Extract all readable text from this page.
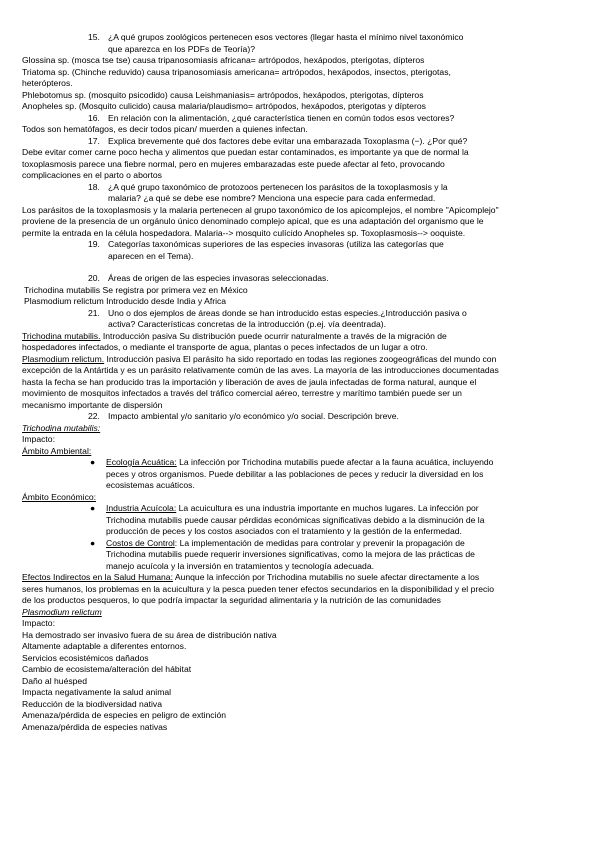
15. ¿A qué grupos zoológicos pertenecen esos vectores (llegar hasta el mínimo nivel taxonómico

que aparezca en los PDFs de Teoría)?

Glossina sp. (mosca tse tse) causa tripanosomiasis africana= artrópodos, hexápodos, pterigotas, dípteros

Triatoma sp. (Chinche reduvido) causa tripanosomiasis americana= artrópodos, hexápodos, insectos, pterigotas,

heterópteros.

Phlebotomus sp. (mosquito psicodido) causa Leishmaniasis= artrópodos, hexápodos, pterigotas, dípteros

Anopheles sp. (Mosquito culicido) causa malaria/plaudismo= artrópodos, hexápodos, pterigotas y dípteros

16. En relación con la alimentación, ¿qué característica tienen en común todos esos vectores?

Todos son hematófagos, es decir todos pican/ muerden a quienes infectan.

17. Explica brevemente qué dos factores debe evitar una embarazada Toxoplasma (−). ¿Por qué?

Debe evitar comer carne poco hecha y alimentos que puedan estar contaminados, es importante ya que de normal la

toxoplasmosis parece una fiebre normal, pero en mujeres embarazadas este puede afectar al feto, provocando

complicaciones en el parto o abortos

18. ¿A qué grupo taxonómico de protozoos pertenecen los parásitos de la toxoplasmosis y la

malaria? ¿a qué se debe ese nombre? Menciona una especie para cada enfermedad.

Los parásitos de la toxoplasmosis y la malaria pertenecen al grupo taxonómico de los apicomplejos, el nombre "Apicomplejo"

proviene de la presencia de un orgánulo único denominado complejo apical, que es una adaptación del organismo que le

permite la entrada en la célula hospedadora. Malaria--> mosquito culícido Anopheles sp. Toxoplasmosis--> ooquiste.

19. Categorías taxonómicas superiores de las especies invasoras (utiliza las categorías que

aparecen en el Tema).

20. Áreas de origen de las especies invasoras seleccionadas.

Trichodina mutabilis Se registra por primera vez en México

Plasmodium relictum Introducido desde India y Africa

21. Uno o dos ejemplos de áreas donde se han introducido estas especies.¿Introducción pasiva o

activa? Características concretas de la introducción (p.ej. vía deentrada).

Trichodina mutabilis. Introducción pasiva Su distribución puede ocurrir naturalmente a través de la migración de

hospedadores infectados, o mediante el transporte de agua, plantas o peces infectados de un lugar a otro.

Plasmodium relictum. Introducción pasiva El parásito ha sido reportado en todas las regiones zoogeográficas del mundo con

excepción de la Antártida y es un parásito relativamente común de las aves. La mayoría de las introducciones documentadas

hasta la fecha se han producido tras la importación y liberación de aves de jaula infectadas de forma natural, aunque el

movimiento de mosquitos infectados a través del tráfico comercial aéreo, terrestre y marítimo también puede ser un

mecanismo importante de dispersión

22. Impacto ambiental y/o sanitario y/o económico y/o social. Descripción breve.

Trichodina mutabilis:

Impacto:

Ámbito Ambiental:

●	Ecología Acuática: La infección por Trichodina mutabilis puede afectar a la fauna acuática, incluyendo
peces y otros organismos. Puede debilitar a las poblaciones de peces y reducir la diversidad en los
ecosistemas acuáticos.

Ámbito Económico:

●	Industria Acuícola: La acuicultura es una industria importante en muchos lugares. La infección por
Trichodina mutabilis puede causar pérdidas económicas significativas debido a la disminución de la
producción de peces y los costos asociados con el tratamiento y la gestión de la enfermedad.
●	Costos de Control: La implementación de medidas para controlar y prevenir la propagación de
Trichodina mutabilis puede requerir inversiones significativas, como la mejora de las prácticas de
manejo acuícola y la inversión en tratamientos y tecnología adecuada.

Efectos Indirectos en la Salud Humana: Aunque la infección por Trichodina mutabilis no suele afectar directamente a los

seres humanos, los problemas en la acuicultura y la pesca pueden tener efectos secundarios en la disponibilidad y el precio

de los productos pesqueros, lo que podría impactar la seguridad alimentaria y la nutrición de las comunidades

Plasmodium relictum

Impacto:

Ha demostrado ser invasivo fuera de su área de distribución nativa

Altamente adaptable a diferentes entornos.

Servicios ecosistémicos dañados

Cambio de ecosistema/alteración del hábitat

Daño al huésped

Impacta negativamente la salud animal

Reducción de la biodiversidad nativa

Amenaza/pérdida de especies en peligro de extinción

Amenaza/pérdida de especies nativas
